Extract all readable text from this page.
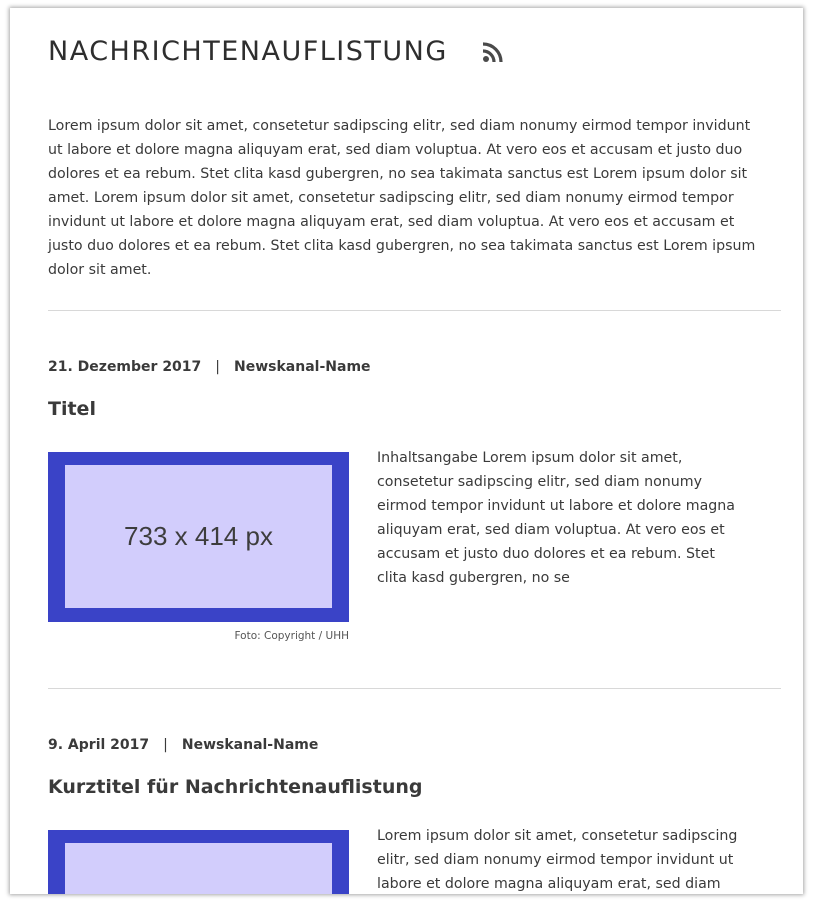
NACHRICHTENAUFLISTUNG

Lorem ipsum dolor sit amet, consetetur sadipscing elitr, sed diam nonumy eirmod tempor invidunt ut labore et dolore magna aliquyam erat, sed diam voluptua. At vero eos et accusam et justo duo dolores et ea rebum. Stet clita kasd gubergren, no sea takimata sanctus est Lorem ipsum dolor sit amet. Lorem ipsum dolor sit amet, consetetur sadipscing elitr, sed diam nonumy eirmod tempor invidunt ut labore et dolore magna aliquyam erat, sed diam voluptua. At vero eos et accusam et justo duo dolores et ea rebum. Stet clita kasd gubergren, no sea takimata sanctus est Lorem ipsum dolor sit amet.

21. Dezember 2017 | Newskanal-Name
Titel
733 x 414 px
Foto: Copyright / UHH

Inhaltsangabe Lorem ipsum dolor sit amet, consetetur sadipscing elitr, sed diam nonumy eirmod tempor invidunt ut labore et dolore magna aliquyam erat, sed diam voluptua. At vero eos et accusam et justo duo dolores et ea rebum. Stet clita kasd gubergren, no se

9. April 2017 | Newskanal-Name
Kurztitel für Nachrichtenauflistung

Lorem ipsum dolor sit amet, consetetur sadipscing elitr, sed diam nonumy eirmod tempor invidunt ut labore et dolore magna aliquyam erat, sed diam
